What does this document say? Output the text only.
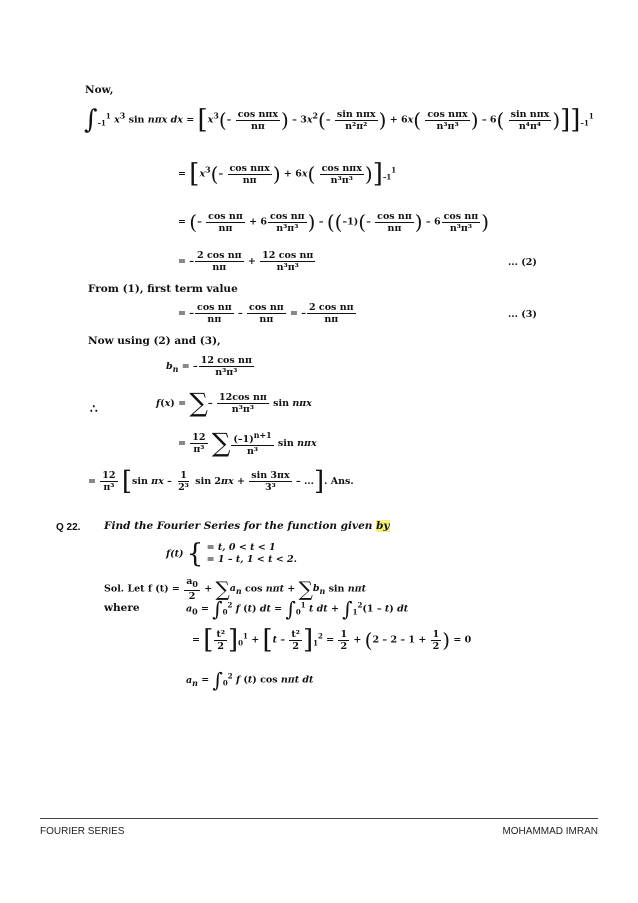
Now,
$\int_{-1}^1$ $x^3$ sin nπx dx = [$x^3(- \frac{\text{cos nπx}}{n\pi}$ ) – $3x^2(- \frac{\text{sin nπx}}{\text{n²π²}}$ ) + $6x( \frac{\text{cos nπx}}{\text{n³π³}}$ ) – $6( \frac{\text{sin nπx}}{\text{n⁴π⁴}} )]]_{-1}^1$
= [$x^3(- \frac{\text{cos nπx}}{n\pi}$ ) + $6x( \frac{\text{cos nπx}}{\text{n³π³}} )]_{-1}^1$
= (– $\frac{\text{cos nπ}}{n\pi} + 6 \frac{\text{cos nπ}}{\text{n³π³}}$ ) – ($(-1)(- \frac{\text{cos nπ}}{n\pi}$ ) – $6 \frac{\text{cos nπ}}{\text{n³π³}}$ )
= – $\frac{\text{2 cos nπ}}{n\pi} + \frac{\text{12 cos nπ}}{\text{n³π³}}$	... (2)
From (1), first term value
= – $\frac{\text{cos nπ}}{n\pi} - \frac{\text{cos nπ}}{n\pi}$ = – $\frac{\text{2 cos nπ}}{n\pi}$	... (3)
Now using (2) and (3),
$b_n$ = – $\frac{\text{12 cos nπ}}{\text{n³π³}}$
∴	f(x) = ∑– $\frac{\text{12cos nπ}}{\text{n³π³}}$ sin nπx
= $\frac{12}{\text{π³}}$ ∑ $\frac{(-1)^{n+1}}{\text{n³}}$ sin nπx
= $\frac{12}{\text{π³}} [\sin$ πx – $\frac{1}{\text{2³}}$ $\sin 2\pi x + \frac{\sin 3\pi x}{\text{3³}}$ – ...]. Ans.
Q 22. Find the Fourier Series for the function given by
f(t) { = t, 0 < t < 1
= 1 – t, 1 < t < 2.
Sol. Let f $(t) = \frac{a_0}{2} + \sum a_n$ $\cos n\pi t + \sum b_n$ sin nπt
where	$a_0 = \int_0^2$ f (t) dt = $\int_0^1$ t dt + $\int_1^2(1 - t)$ dt
= [ $\frac{\text{t²}}{2} ]_0^1 + [t - \frac{\text{t²}}{2} ]_1^2 = \frac{1}{2} + (2 - 2 - 1 + \frac{1}{2}$ ) = 0
$a_n = \int_0^2$ f (t) cos nπt dt
FOURIER SERIES	MOHAMMAD IMRAN
